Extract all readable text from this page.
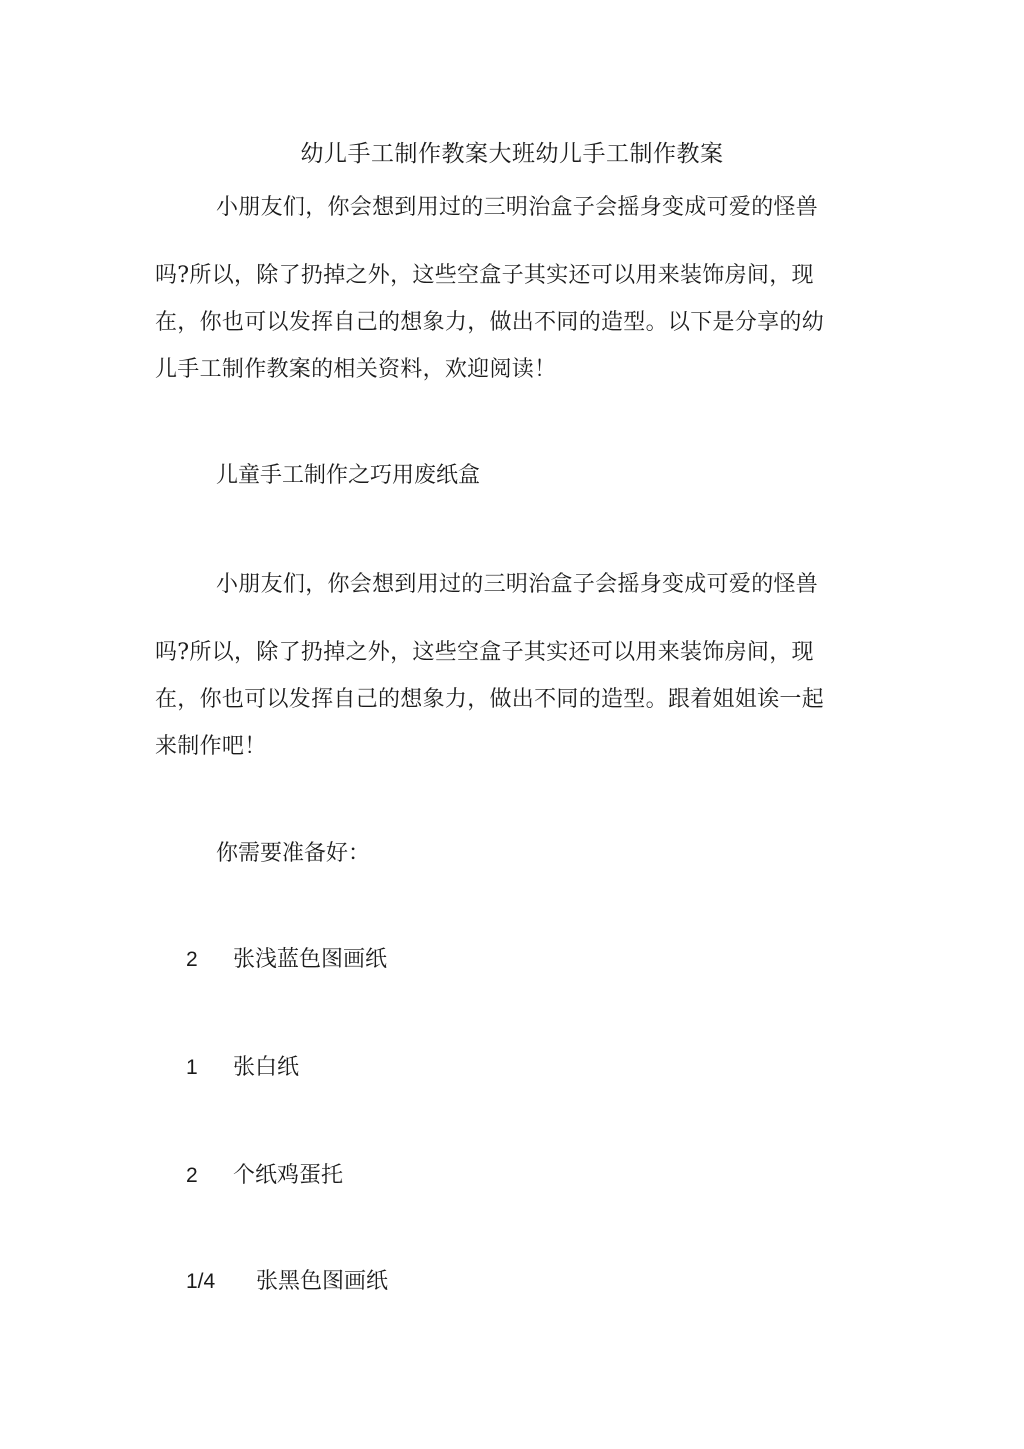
幼儿手工制作教案大班幼儿手工制作教案
小朋友们，你会想到用过的三明治盒子会摇身变成可爱的怪兽
吗?所以，除了扔掉之外，这些空盒子其实还可以用来装饰房间，现
在，你也可以发挥自己的想象力，做出不同的造型。以下是分享的幼
儿手工制作教案的相关资料，欢迎阅读！
儿童手工制作之巧用废纸盒
小朋友们，你会想到用过的三明治盒子会摇身变成可爱的怪兽
吗?所以，除了扔掉之外，这些空盒子其实还可以用来装饰房间，现
在，你也可以发挥自己的想象力，做出不同的造型。跟着姐姐诶一起
来制作吧！
你需要准备好：
2 张浅蓝色图画纸
1 张白纸
2 个纸鸡蛋托
1/4 张黑色图画纸
